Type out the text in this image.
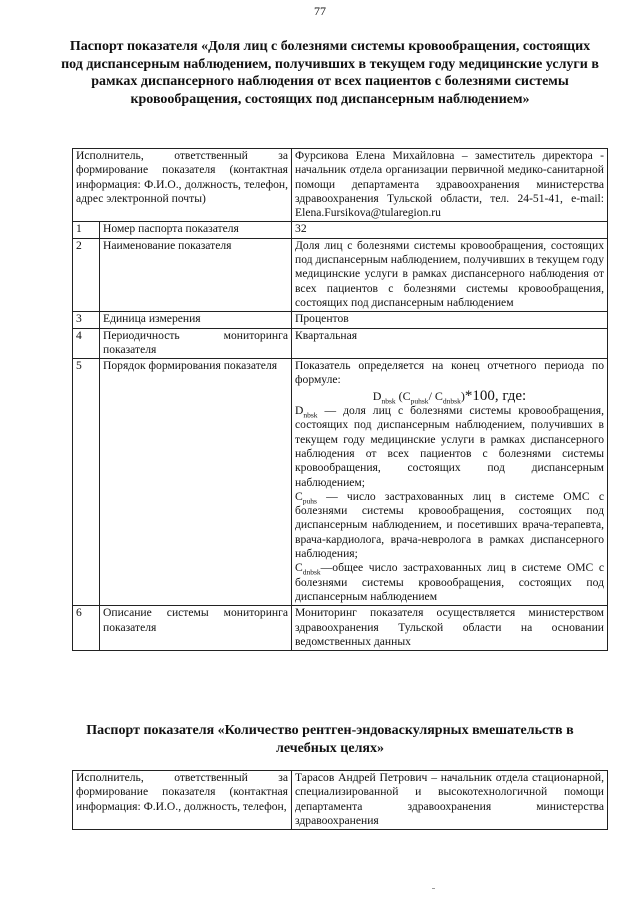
77
Паспорт показателя «Доля лиц с болезнями системы кровообращения, состоящих под диспансерным наблюдением, получивших в текущем году медицинские услуги в рамках диспансерного наблюдения от всех пациентов с болезнями системы кровообращения, состоящих под диспансерным наблюдением»
Исполнитель, ответственный за формирование показателя (контактная информация: Ф.И.О., должность, телефон, адрес электронной почты)		Фурсикова Елена Михайловна – заместитель директора - начальник отдела организации первичной медико-санитарной помощи департамента здравоохранения министерства здравоохранения Тульской области, тел. 24-51-41, e-mail: Elena.Fursikova@tularegion.ru
1	Номер паспорта показателя	32
2	Наименование показателя	Доля лиц с болезнями системы кровообращения, состоящих под диспансерным наблюдением, получивших в текущем году медицинские услуги в рамках диспансерного наблюдения от всех пациентов с болезнями системы кровообращения, состоящих под диспансерным наблюдением
3	Единица измерения	Процентов
4	Периодичность мониторинга показателя	Квартальная
5	Порядок формирования показателя	Показатель определяется на конец отчетного периода по формуле:
$D_{nbsk}$ ($C_{puhsk}/$ $C_{dnbsk})*100$, где:
$D_{nbsk}$ — доля лиц с болезнями системы кровообращения, состоящих под диспансерным наблюдением, получивших в текущем году медицинские услуги в рамках диспансерного наблюдения от всех пациентов с болезнями системы кровообращения, состоящих под диспансерным наблюдением;
$C_{puhs}$ — число застрахованных лиц в системе ОМС с болезнями системы кровообращения, состоящих под диспансерным наблюдением, и посетивших врача-терапевта, врача-кардиолога, врача-невролога в рамках диспансерного наблюдения;
$C_{dnbsk}—общее$ число застрахованных лиц в системе ОМС с болезнями системы кровообращения, состоящих под диспансерным наблюдением

6	Описание системы мониторинга показателя	Мониторинг показателя осуществляется министерством здравоохранения Тульской области на основании ведомственных данных
Паспорт показателя «Количество рентген-эндоваскулярных вмешательств в лечебных целях»
Исполнитель, ответственный за формирование показателя (контактная информация: Ф.И.О., должность, телефон,	Тарасов Андрей Петрович – начальник отдела стационарной, специализированной и высокотехнологичной помощи департамента здравоохранения министерства здравоохранения
